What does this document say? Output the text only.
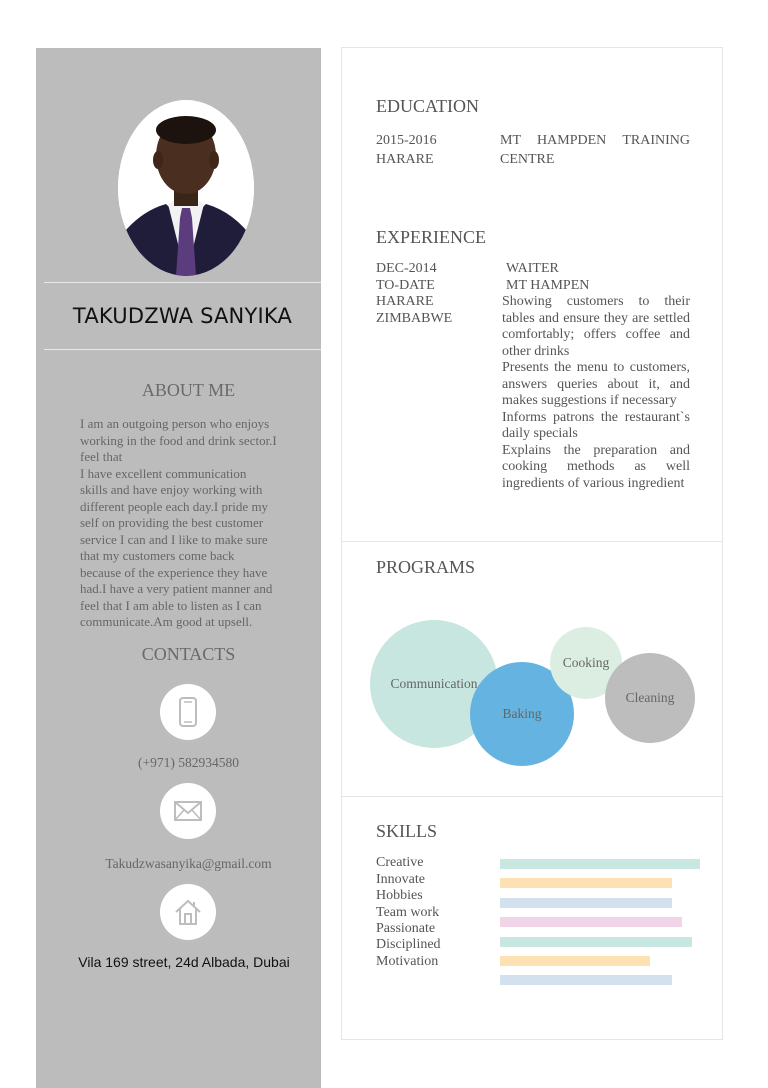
TAKUDZWA SANYIKA
ABOUT ME

I am an outgoing person who enjoys

working in the food and drink sector.I

feel that

I have excellent communication

skills and have enjoy working with

different people each day.I pride my

self on providing the best customer

service I can and I like to make sure

that my customers come back

because of the experience they have

had.I have a very patient manner and

feel that I am able to listen as I can

communicate.Am good at upsell.

CONTACTS
(+971) 582934580
Takudzwasanyika@gmail.com
Vila 169 street, 24d Albada, Dubai
EDUCATION
2015-2016
HARARE
MT HAMPDEN TRAINING
CENTRE
EXPERIENCE
DEC-2014
TO-DATE
HARARE
ZIMBABWE
WAITER
MT HAMPEN

Showing customers to their tables and ensure they are settled comfortably; offers coffee and other drinks

Presents the menu to customers, answers queries about it, and makes suggestions if necessary

Informs patrons the restaurant`s daily specials

Explains the preparation and cooking methods as well ingredients of various ingredient

PROGRAMS
Communication
Baking
Cooking
Cleaning
SKILLS
Creative
Innovate
Hobbies
Team work
Passionate
Disciplined
Motivation
